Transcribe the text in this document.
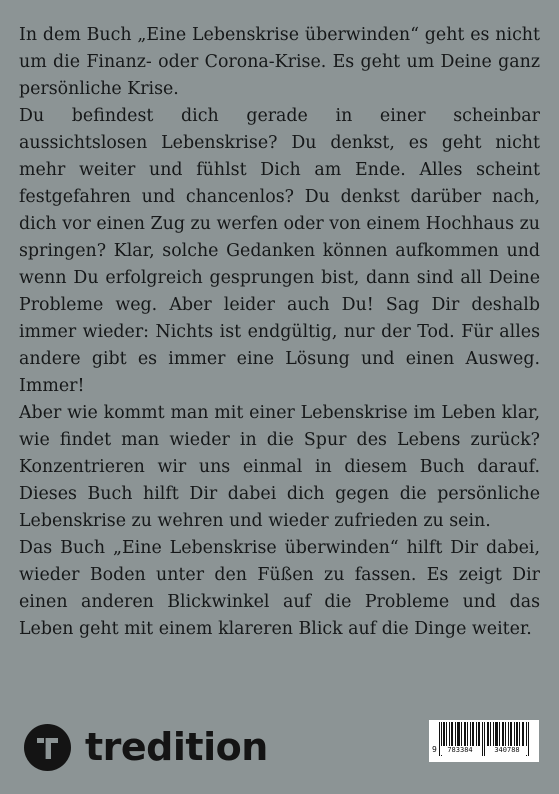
In dem Buch „Eine Lebenskrise überwinden“ geht es nicht um die Finanz- oder Corona-Krise. Es geht um Deine ganz persönliche Krise.

Du befindest dich gerade in einer scheinbar aussichtslosen Lebenskrise? Du denkst, es geht nicht mehr weiter und fühlst Dich am Ende. Alles scheint festgefahren und chancenlos? Du denkst darüber nach, dich vor einen Zug zu werfen oder von einem Hochhaus zu springen? Klar, solche Gedanken können aufkommen und wenn Du erfolgreich gesprungen bist, dann sind all Deine Probleme weg. Aber leider auch Du! Sag Dir deshalb immer wieder: Nichts ist endgültig, nur der Tod. Für alles andere gibt es immer eine Lösung und einen Ausweg. Immer!

Aber wie kommt man mit einer Lebenskrise im Leben klar, wie findet man wieder in die Spur des Lebens zurück? Konzentrieren wir uns einmal in diesem Buch darauf. Dieses Buch hilft Dir dabei dich gegen die persönliche Lebenskrise zu wehren und wieder zufrieden zu sein.

Das Buch „Eine Lebenskrise überwinden“ hilft Dir dabei, wieder Boden unter den Füßen zu fassen. Es zeigt Dir einen anderen Blickwinkel auf die Probleme und das Leben geht mit einem klareren Blick auf die Dinge weiter.

tredition	9	783384	340788
